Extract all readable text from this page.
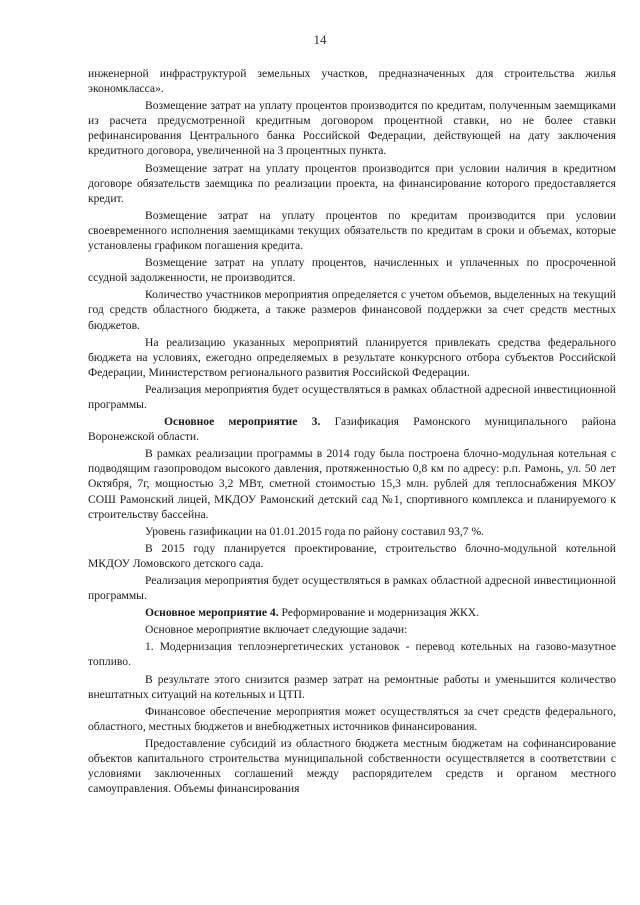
14

инженерной инфраструктурой земельных участков, предназначенных для строительства жилья экономкласса».

Возмещение затрат на уплату процентов производится по кредитам, полученным заемщиками из расчета предусмотренной кредитным договором процентной ставки, но не более ставки рефинансирования Центрального банка Российской Федерации, действующей на дату заключения кредитного договора, увеличенной на 3 процентных пункта.

Возмещение затрат на уплату процентов производится при условии наличия в кредитном договоре обязательств заемщика по реализации проекта, на финансирование которого предоставляется кредит.

Возмещение затрат на уплату процентов по кредитам производится при условии своевременного исполнения заемщиками текущих обязательств по кредитам в сроки и объемах, которые установлены графиком погашения кредита.

Возмещение затрат на уплату процентов, начисленных и уплаченных по просроченной ссудной задолженности, не производится.

Количество участников мероприятия определяется с учетом объемов, выделенных на текущий год средств областного бюджета, а также размеров финансовой поддержки за счет средств местных бюджетов.

На реализацию указанных мероприятий планируется привлекать средства федерального бюджета на условиях, ежегодно определяемых в результате конкурсного отбора субъектов Российской Федерации, Министерством регионального развития Российской Федерации.

Реализация мероприятия будет осуществляться в рамках областной адресной инвестиционной программы.

Основное мероприятие 3. Газификация Рамонского муниципального района Воронежской области.

В рамках реализации программы в 2014 году была построена блочно-модульная котельная с подводящим газопроводом высокого давления, протяженностью 0,8 км по адресу: р.п. Рамонь, ул. 50 лет Октября, 7г, мощностью 3,2 МВт, сметной стоимостью 15,3 млн. рублей для теплоснабжения МКОУ СОШ Рамонский лицей, МКДОУ Рамонский детский сад №1, спортивного комплекса и планируемого к строительству бассейна.

Уровень газификации на 01.01.2015 года по району составил 93,7 %.

В 2015 году планируется проектирование, строительство блочно-модульной котельной МКДОУ Ломовского детского сада.

Реализация мероприятия будет осуществляться в рамках областной адресной инвестиционной программы.

Основное мероприятие 4. Реформирование и модернизация ЖКХ.

Основное мероприятие включает следующие задачи:

1. Модернизация теплоэнергетических установок - перевод котельных на газово-мазутное топливо.

В результате этого снизится размер затрат на ремонтные работы и уменьшится количество внештатных ситуаций на котельных и ЦТП.

Финансовое обеспечение мероприятия может осуществляться за счет средств федерального, областного, местных бюджетов и внебюджетных источников финансирования.

Предоставление субсидий из областного бюджета местным бюджетам на софинансирование объектов капитального строительства муниципальной собственности осуществляется в соответствии с условиями заключенных соглашений между распорядителем средств и органом местного самоуправления. Объемы финансирования
